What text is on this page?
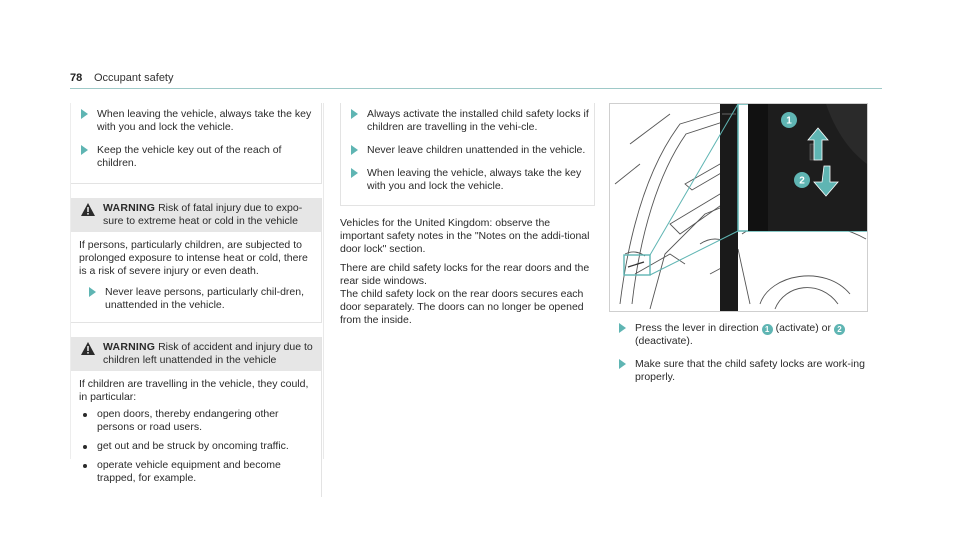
78 Occupant safety
When leaving the vehicle, always take the key with you and lock the vehicle.
Keep the vehicle key out of the reach of children.
WARNING Risk of fatal injury due to expo-sure to extreme heat or cold in the vehicle

If persons, particularly children, are subjected to prolonged exposure to intense heat or cold, there is a risk of severe injury or even death.

Never leave persons, particularly chil-dren, unattended in the vehicle.
WARNING Risk of accident and injury due to children left unattended in the vehicle

If children are travelling in the vehicle, they could, in particular:

open doors, thereby endangering other persons or road users.
get out and be struck by oncoming traffic.
operate vehicle equipment and become trapped, for example.
Always activate the installed child safety locks if children are travelling in the vehi-cle.
Never leave children unattended in the vehicle.
When leaving the vehicle, always take the key with you and lock the vehicle.

Vehicles for the United Kingdom: observe the important safety notes in the "Notes on the addi-tional door lock" section.

There are child safety locks for the rear doors and the rear side windows.

The child safety lock on the rear doors secures each door separately. The doors can no longer be opened from the inside.

1
2
Press the lever in direction 1 (activate) or 2 (deactivate).
Make sure that the child safety locks are work-ing properly.
